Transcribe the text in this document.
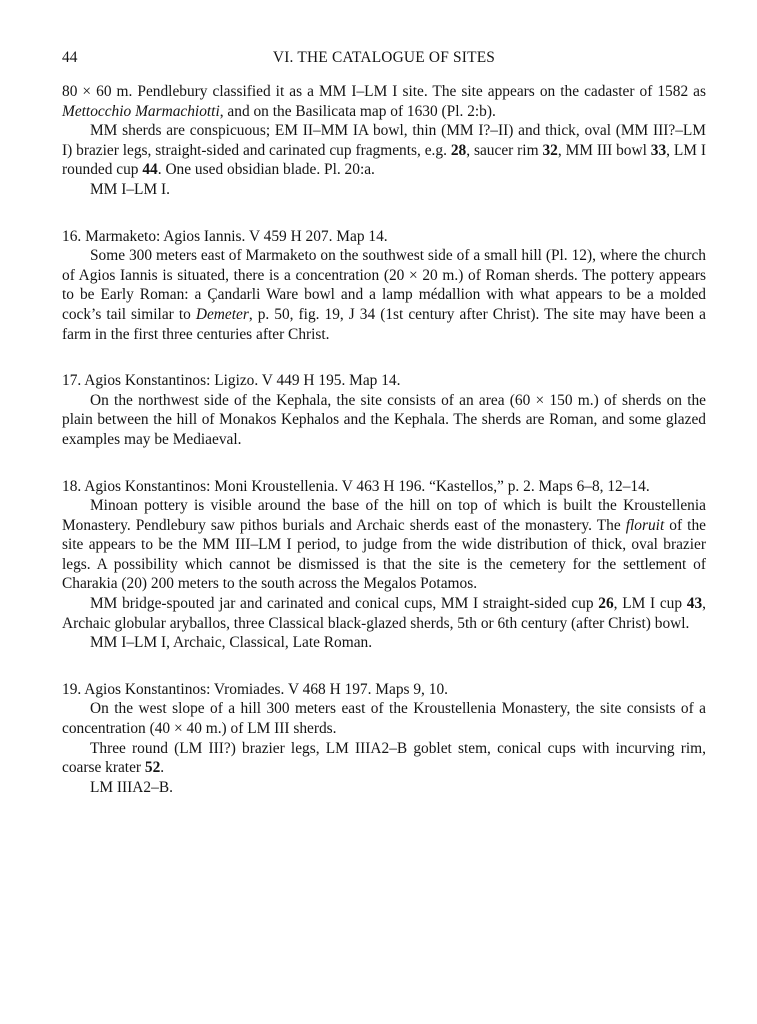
44	VI. THE CATALOGUE OF SITES

80 × 60 m. Pendlebury classified it as a MM I–LM I site. The site appears on the cadaster of 1582 as Mettocchio Marmachiotti, and on the Basilicata map of 1630 (Pl. 2:b).

MM sherds are conspicuous; EM II–MM IA bowl, thin (MM I?–II) and thick, oval (MM III?–LM I) brazier legs, straight-sided and carinated cup fragments, e.g. 28, saucer rim 32, MM III bowl 33, LM I rounded cup 44. One used obsidian blade. Pl. 20:a.

MM I–LM I.

16. Marmaketo: Agios Iannis. V 459 H 207. Map 14.

Some 300 meters east of Marmaketo on the southwest side of a small hill (Pl. 12), where the church of Agios Iannis is situated, there is a concentration (20 × 20 m.) of Roman sherds. The pottery appears to be Early Roman: a Çandarli Ware bowl and a lamp médallion with what appears to be a molded cock’s tail similar to Demeter, p. 50, fig. 19, J 34 (1st century after Christ). The site may have been a farm in the first three centuries after Christ.

17. Agios Konstantinos: Ligizo. V 449 H 195. Map 14.

On the northwest side of the Kephala, the site consists of an area (60 × 150 m.) of sherds on the plain between the hill of Monakos Kephalos and the Kephala. The sherds are Roman, and some glazed examples may be Mediaeval.

18. Agios Konstantinos: Moni Kroustellenia. V 463 H 196. “Kastellos,” p. 2. Maps 6–8, 12–14.

Minoan pottery is visible around the base of the hill on top of which is built the Kroustellenia Monastery. Pendlebury saw pithos burials and Archaic sherds east of the monastery. The floruit of the site appears to be the MM III–LM I period, to judge from the wide distribution of thick, oval brazier legs. A possibility which cannot be dismissed is that the site is the cemetery for the settlement of Charakia (20) 200 meters to the south across the Megalos Potamos.

MM bridge-spouted jar and carinated and conical cups, MM I straight-sided cup 26, LM I cup 43, Archaic globular aryballos, three Classical black-glazed sherds, 5th or 6th century (after Christ) bowl.

MM I–LM I, Archaic, Classical, Late Roman.

19. Agios Konstantinos: Vromiades. V 468 H 197. Maps 9, 10.

On the west slope of a hill 300 meters east of the Kroustellenia Monastery, the site consists of a concentration (40 × 40 m.) of LM III sherds.

Three round (LM III?) brazier legs, LM IIIA2–B goblet stem, conical cups with incurving rim, coarse krater 52.

LM IIIA2–B.
